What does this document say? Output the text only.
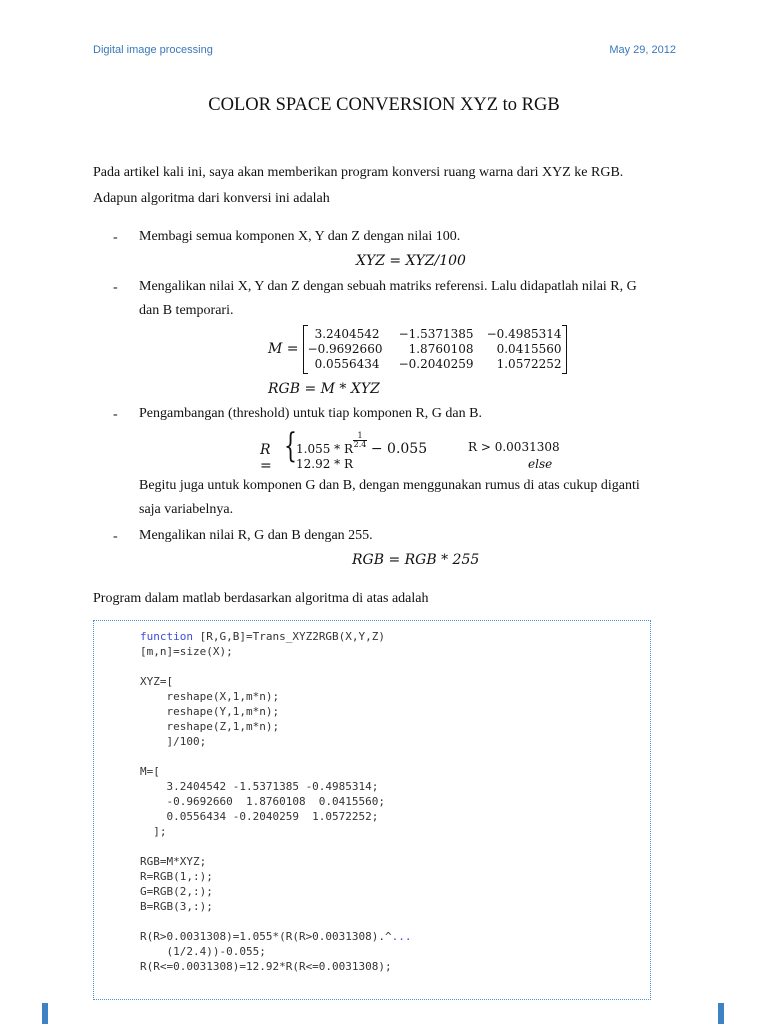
Digital image processing	May 29, 2012
COLOR SPACE CONVERSION XYZ to RGB
Pada artikel kali ini, saya akan memberikan program konversi ruang warna dari XYZ ke RGB.
Adapun algoritma dari konversi ini adalah
- Membagi semua komponen X, Y dan Z dengan nilai 100.
XYZ = XYZ/100
- Mengalikan nilai X, Y dan Z dengan sebuah matriks referensi. Lalu didapatlah nilai R, G
dan B temporari.
M =
3.2404542	−1.5371385	−0.4985314
−0.9692660	1.8760108	0.0415560
0.0556434	−0.2040259	1.0572252
RGB = M * XYZ
- Pengambangan (threshold) untuk tiap komponen R, G dan B.
R = { 1.055 * R $\frac{1}{2.4} - 0.055$	R > 0.0031308
12.92 * R	else
Begitu juga untuk komponen G dan B, dengan menggunakan rumus di atas cukup diganti
saja variabelnya.
- Mengalikan nilai R, G dan B dengan 255.
RGB = RGB * 255
Program dalam matlab berdasarkan algoritma di atas adalah
function [R,G,B]=Trans_XYZ2RGB(X,Y,Z)
[m,n]=size(X);

XYZ=[
reshape(X,1,m*n);
reshape(Y,1,m*n);
reshape(Z,1,m*n);
]/100;

M=[
3.2404542 -1.5371385 -0.4985314;
-0.9692660  1.8760108  0.0415560;
0.0556434 -0.2040259  1.0572252;
];

RGB=M*XYZ;
R=RGB(1,:);
G=RGB(2,:);
B=RGB(3,:);

R(R>0.0031308)=1.055*(R(R>0.0031308).^...
(1/2.4))-0.055;
R(R<=0.0031308)=12.92*R(R<=0.0031308);
